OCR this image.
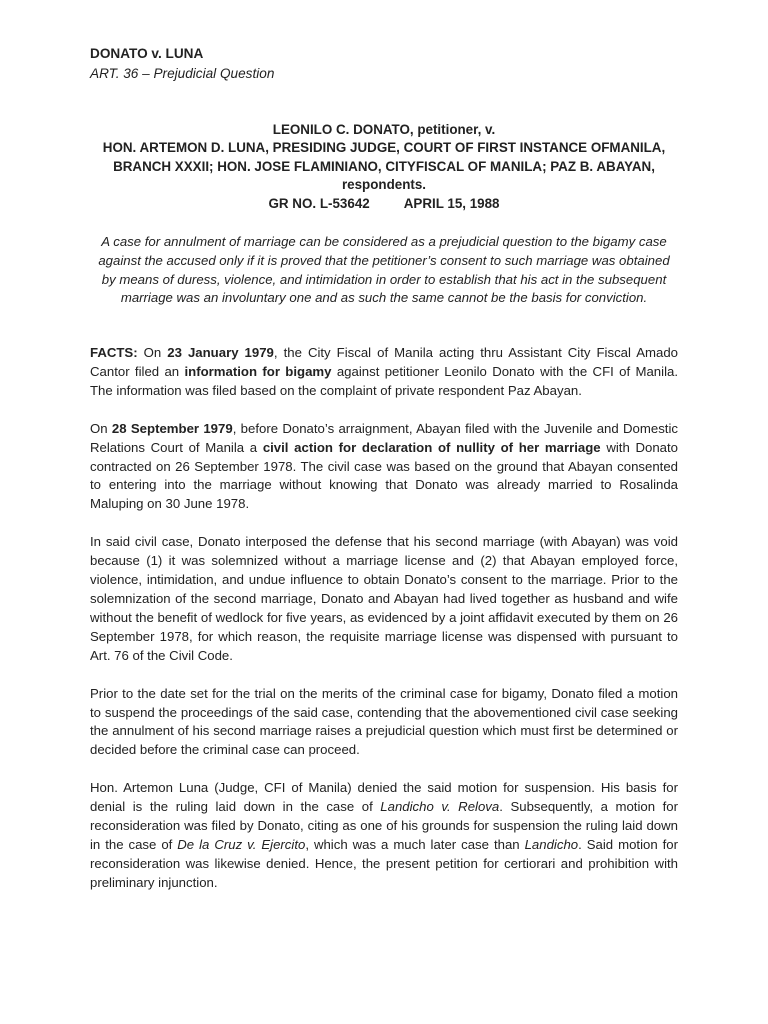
DONATO v. LUNA
ART. 36 – Prejudicial Question
LEONILO C. DONATO, petitioner, v.
HON. ARTEMON D. LUNA, PRESIDING JUDGE, COURT OF FIRST INSTANCE OFMANILA, BRANCH XXXII; HON. JOSE FLAMINIANO, CITYFISCAL OF MANILA; PAZ B. ABAYAN, respondents.
GR NO. L-53642	APRIL 15, 1988
A case for annulment of marriage can be considered as a prejudicial question to the bigamy case against the accused only if it is proved that the petitioner’s consent to such marriage was obtained by means of duress, violence, and intimidation in order to establish that his act in the subsequent marriage was an involuntary one and as such the same cannot be the basis for conviction.

FACTS: On 23 January 1979, the City Fiscal of Manila acting thru Assistant City Fiscal Amado Cantor filed an information for bigamy against petitioner Leonilo Donato with the CFI of Manila. The information was filed based on the complaint of private respondent Paz Abayan.

On 28 September 1979, before Donato’s arraignment, Abayan filed with the Juvenile and Domestic Relations Court of Manila a civil action for declaration of nullity of her marriage with Donato contracted on 26 September 1978. The civil case was based on the ground that Abayan consented to entering into the marriage without knowing that Donato was already married to Rosalinda Maluping on 30 June 1978.

In said civil case, Donato interposed the defense that his second marriage (with Abayan) was void because (1) it was solemnized without a marriage license and (2) that Abayan employed force, violence, intimidation, and undue influence to obtain Donato’s consent to the marriage. Prior to the solemnization of the second marriage, Donato and Abayan had lived together as husband and wife without the benefit of wedlock for five years, as evidenced by a joint affidavit executed by them on 26 September 1978, for which reason, the requisite marriage license was dispensed with pursuant to Art. 76 of the Civil Code.

Prior to the date set for the trial on the merits of the criminal case for bigamy, Donato filed a motion to suspend the proceedings of the said case, contending that the abovementioned civil case seeking the annulment of his second marriage raises a prejudicial question which must first be determined or decided before the criminal case can proceed.

Hon. Artemon Luna (Judge, CFI of Manila) denied the said motion for suspension. His basis for denial is the ruling laid down in the case of Landicho v. Relova. Subsequently, a motion for reconsideration was filed by Donato, citing as one of his grounds for suspension the ruling laid down in the case of De la Cruz v. Ejercito, which was a much later case than Landicho. Said motion for reconsideration was likewise denied. Hence, the present petition for certiorari and prohibition with preliminary injunction.
